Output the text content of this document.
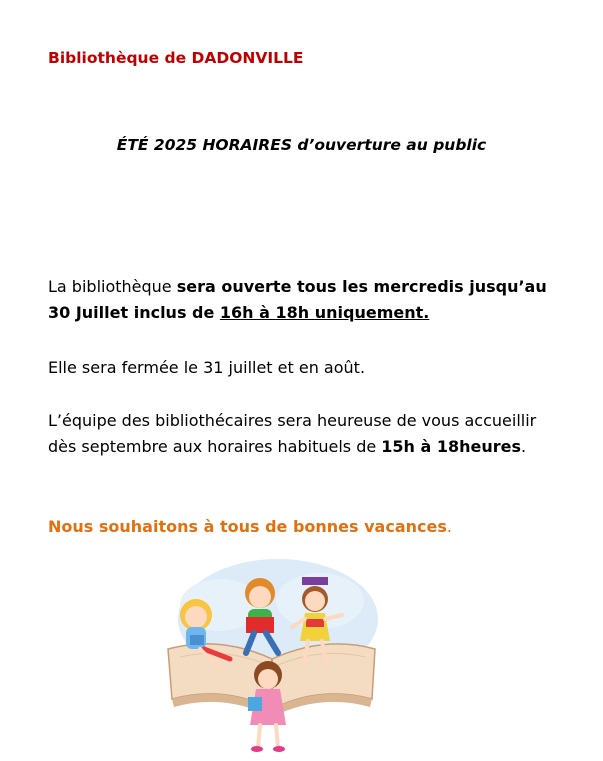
Bibliothèque de DADONVILLE
ÉTÉ 2025 HORAIRES d’ouverture au public
La bibliothèque sera ouverte tous les mercredis jusqu’au 30 Juillet inclus de 16h à 18h uniquement.
Elle sera fermée le 31 juillet et en août.
L’équipe des bibliothécaires sera heureuse de vous accueillir dès septembre aux horaires habituels de 15h à 18heures.
Nous souhaitons à tous de bonnes vacances.
